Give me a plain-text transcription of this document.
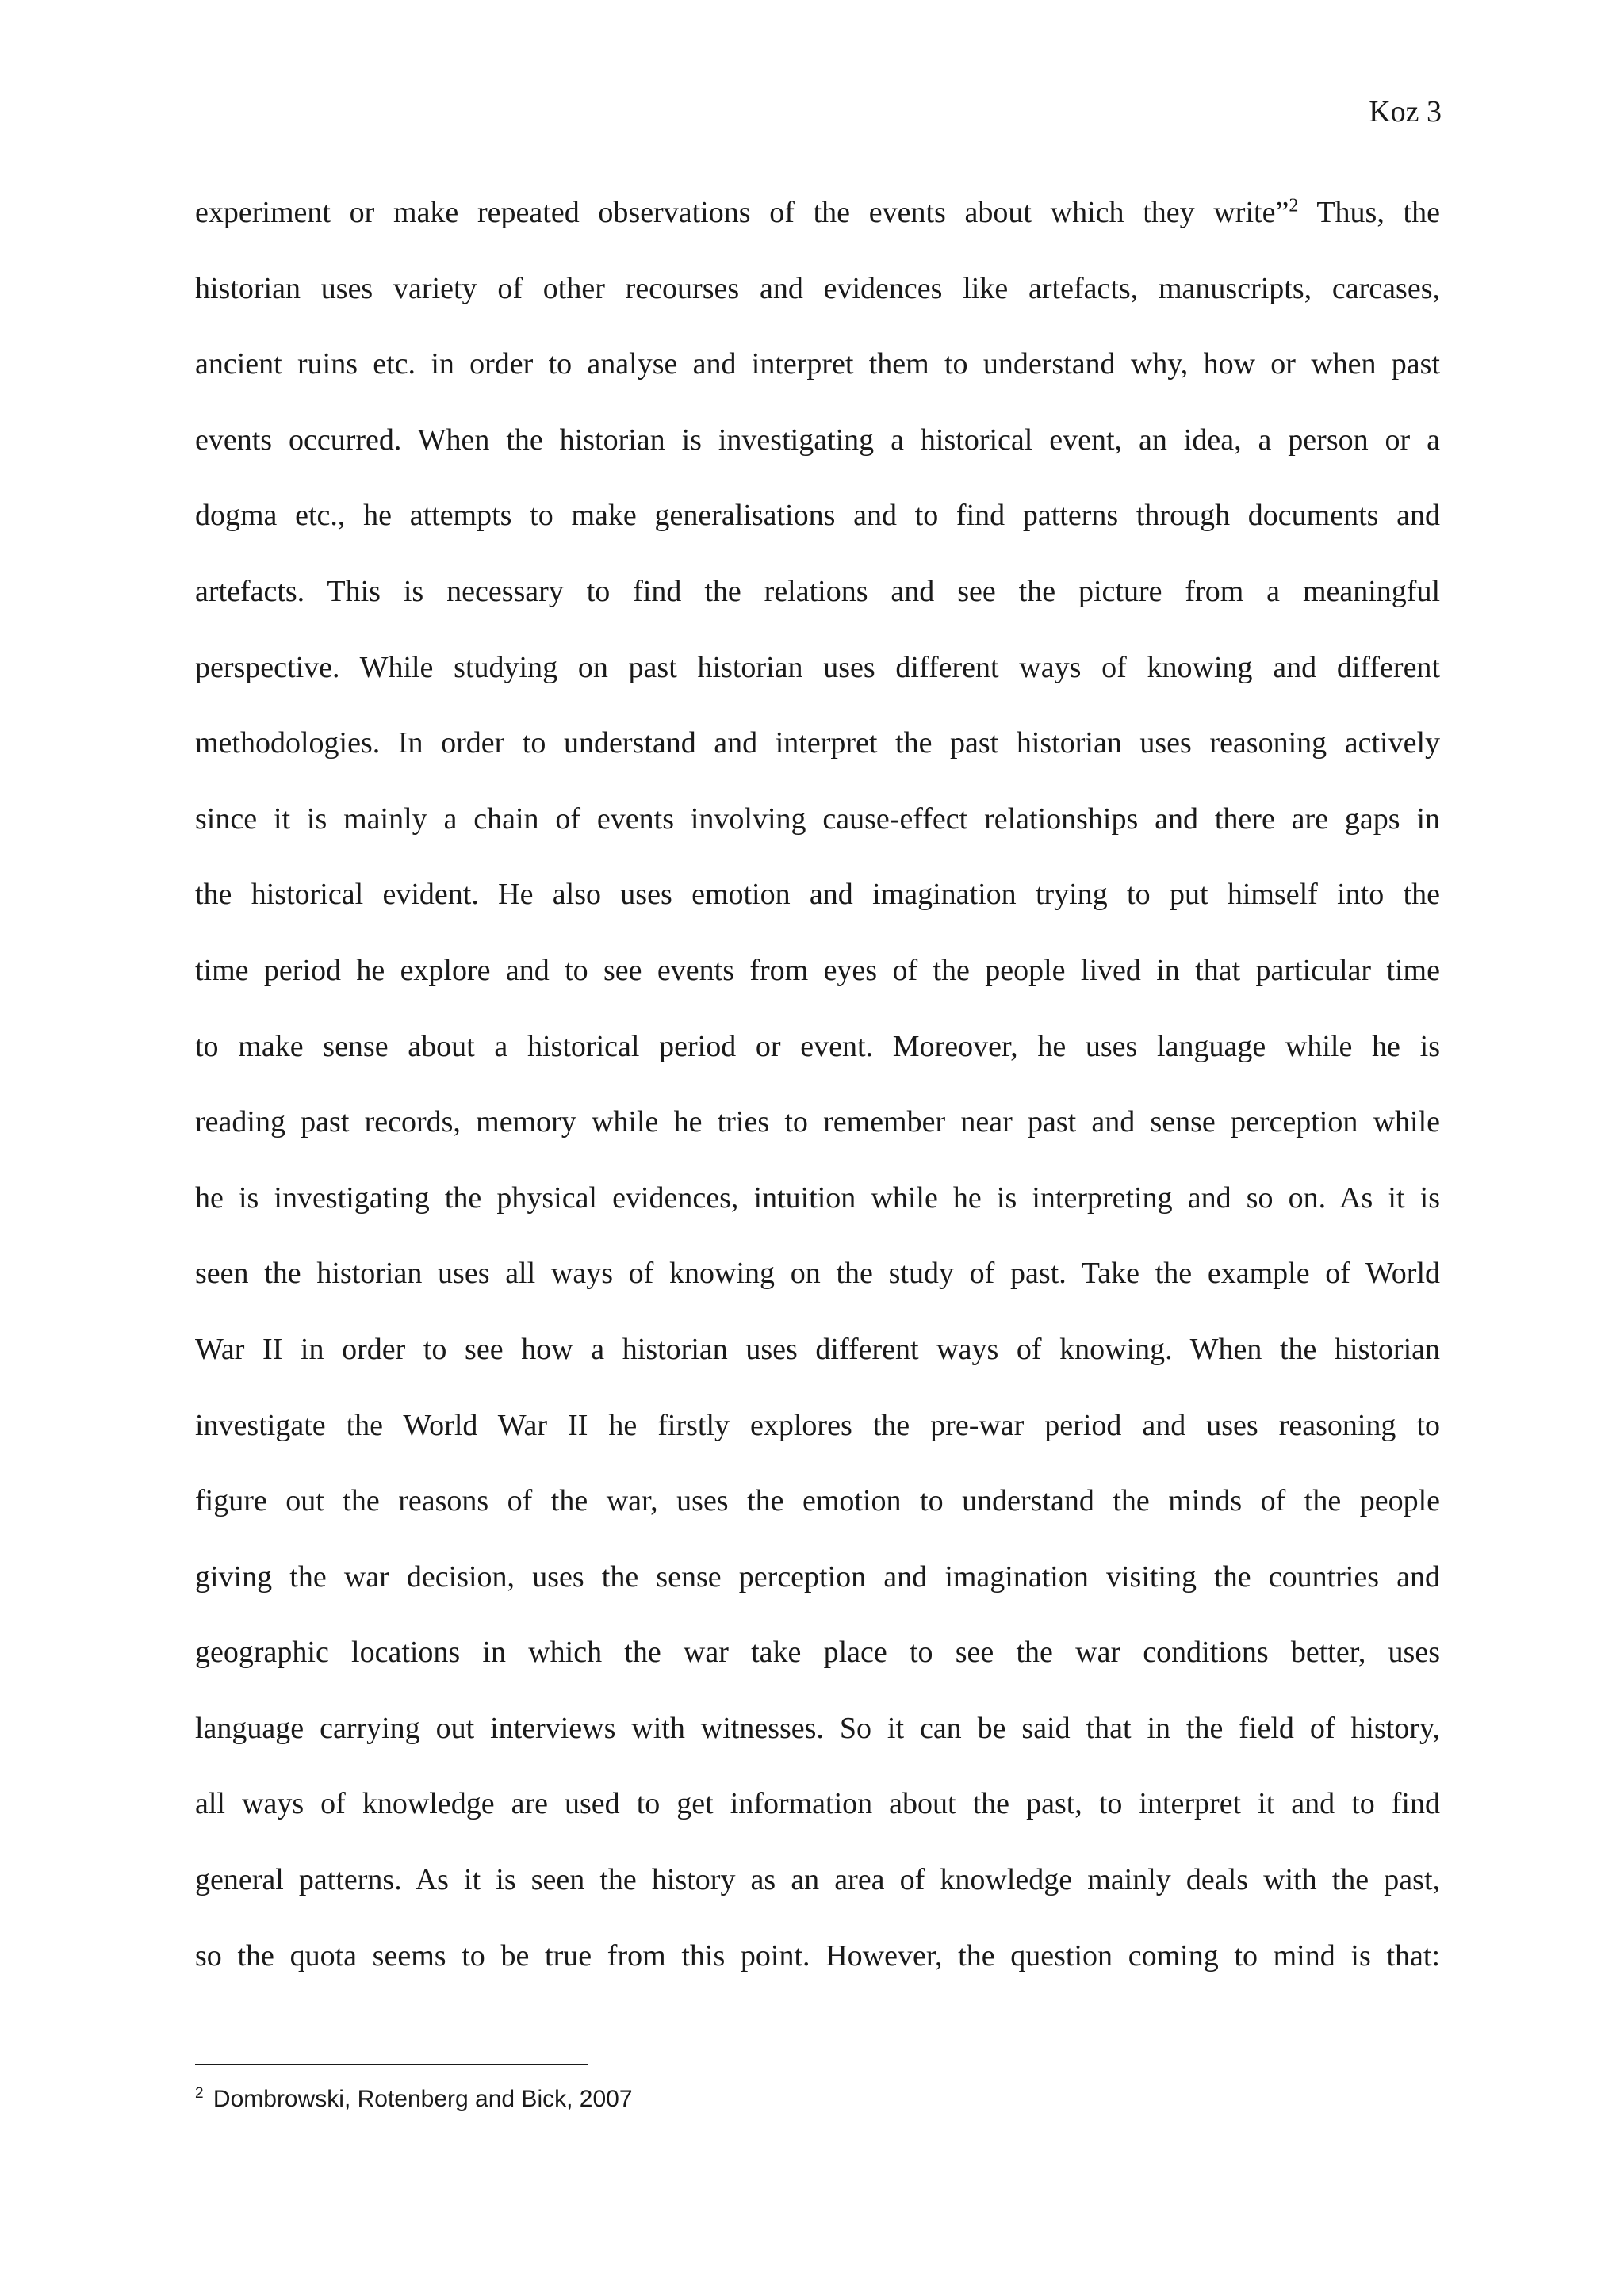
Koz 3
experiment or make repeated observations of the events about which they write”$^2$ Thus, the
historian uses variety of other recourses and evidences like artefacts, manuscripts, carcases,
ancient ruins etc. in order to analyse and interpret them to understand why, how or when past
events occurred. When the historian is investigating a historical event, an idea, a person or a
dogma etc., he attempts to make generalisations and to find patterns through documents and
artefacts. This is necessary to find the relations and see the picture from a meaningful
perspective. While studying on past historian uses different ways of knowing and different
methodologies. In order to understand and interpret the past historian uses reasoning actively
since it is mainly a chain of events involving cause-effect relationships and there are gaps in
the historical evident. He also uses emotion and imagination trying to put himself into the
time period he explore and to see events from eyes of the people lived in that particular time
to make sense about a historical period or event. Moreover, he uses language while he is
reading past records, memory while he tries to remember near past and sense perception while
he is investigating the physical evidences, intuition while he is interpreting and so on. As it is
seen the historian uses all ways of knowing on the study of past. Take the example of World
War II in order to see how a historian uses different ways of knowing. When the historian
investigate the World War II he firstly explores the pre-war period and uses reasoning to
figure out the reasons of the war, uses the emotion to understand the minds of the people
giving the war decision, uses the sense perception and imagination visiting the countries and
geographic locations in which the war take place to see the war conditions better, uses
language carrying out interviews with witnesses. So it can be said that in the field of history,
all ways of knowledge are used to get information about the past, to interpret it and to find
general patterns. As it is seen the history as an area of knowledge mainly deals with the past,
so the quota seems to be true from this point. However, the question coming to mind is that:
$^2$ Dombrowski, Rotenberg and Bick, 2007
